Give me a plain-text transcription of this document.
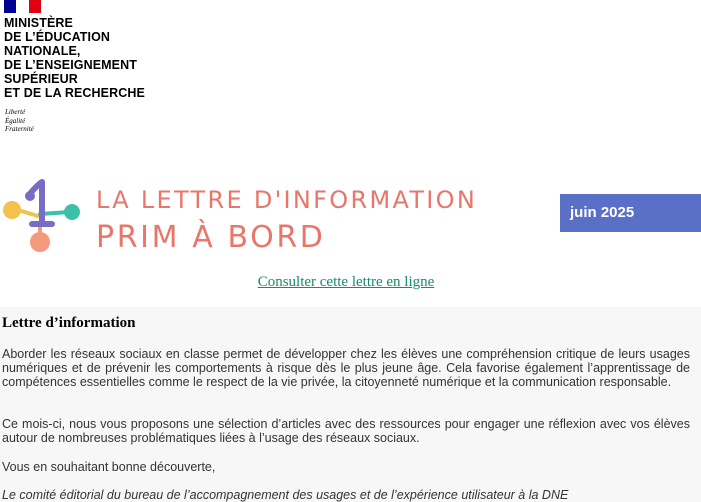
MINISTÈRE
DE L’ÉDUCATION
NATIONALE,
DE L’ENSEIGNEMENT
SUPÉRIEUR
ET DE LA RECHERCHE
Liberté
Égalité
Fraternité
LA LETTRE D'INFORMATION
PRIM À BORD
juin 2025
Consulter cette lettre en ligne
Lettre d’information
Aborder les réseaux sociaux en classe permet de développer chez les élèves une compréhension critique de leurs usages numériques et de prévenir les comportements à risque dès le plus jeune âge. Cela favorise également l’apprentissage de compétences essentielles comme le respect de la vie privée, la citoyenneté numérique et la communication responsable.
Ce mois-ci, nous vous proposons une sélection d’articles avec des ressources pour engager une réflexion avec vos élèves autour de nombreuses problématiques liées à l’usage des réseaux sociaux.
Vous en souhaitant bonne découverte,
Le comité éditorial du bureau de l’accompagnement des usages et de l’expérience utilisateur à la DNE
